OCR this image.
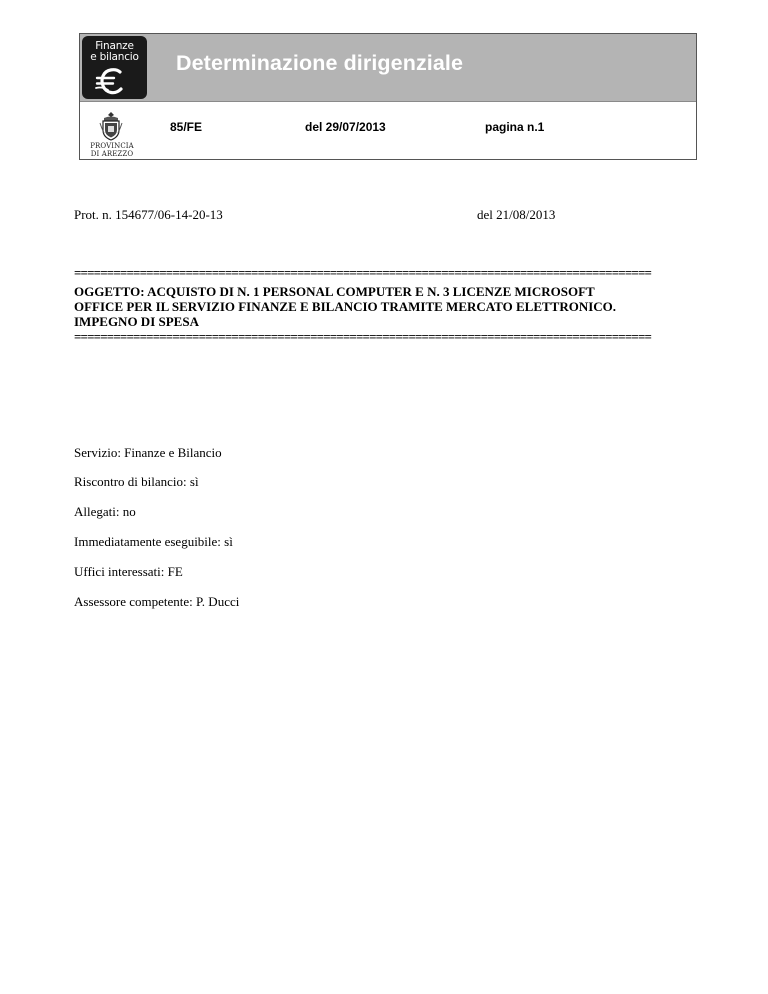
Finanze
e bilancio	Determinazione dirigenziale
PROVINCIA
DI AREZZO
85/FE	del 29/07/2013	pagina n.1
Prot. n. 154677/06-14-20-13	del 21/08/2013
========================================================================================
OGGETTO: ACQUISTO DI N. 1 PERSONAL COMPUTER E N. 3 LICENZE MICROSOFT
OFFICE PER IL SERVIZIO FINANZE E BILANCIO TRAMITE MERCATO ELETTRONICO.
IMPEGNO DI SPESA
========================================================================================
Servizio: Finanze e Bilancio
Riscontro di bilancio: sì
Allegati: no
Immediatamente eseguibile: sì
Uffici interessati: FE
Assessore competente: P. Ducci
